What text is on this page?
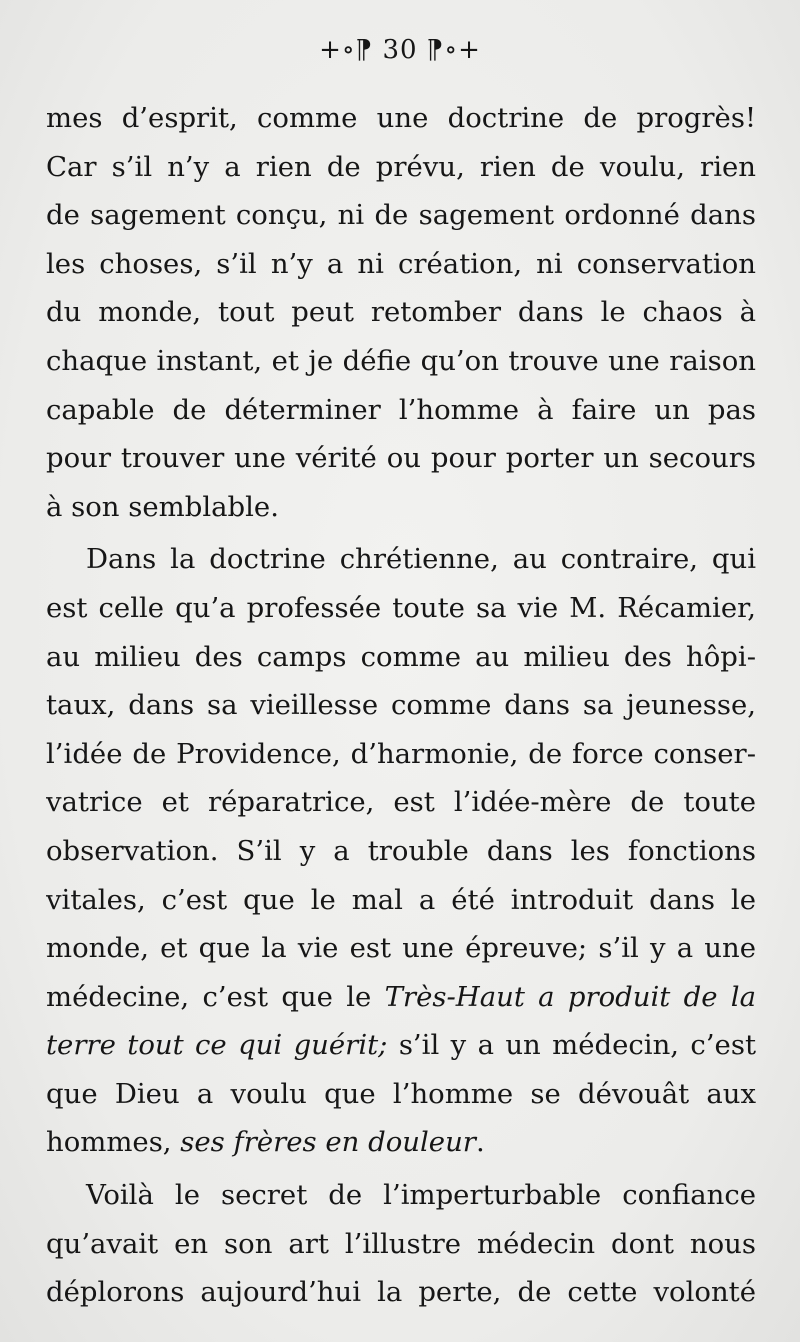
+∘⁋ 30 ⁋∘+
mes d’esprit, comme une doctrine de progrès!
Car s’il n’y a rien de prévu, rien de voulu, rien
de sagement conçu, ni de sagement ordonné dans
les choses, s’il n’y a ni création, ni conservation
du monde, tout peut retomber dans le chaos à
chaque instant, et je défie qu’on trouve une raison
capable de déterminer l’homme à faire un pas
pour trouver une vérité ou pour porter un secours
à son semblable.
Dans la doctrine chrétienne, au contraire, qui
est celle qu’a professée toute sa vie M. Récamier,
au milieu des camps comme au milieu des hôpi-
taux, dans sa vieillesse comme dans sa jeunesse,
l’idée de Providence, d’harmonie, de force conser-
vatrice et réparatrice, est l’idée-mère de toute
observation. S’il y a trouble dans les fonctions
vitales, c’est que le mal a été introduit dans le
monde, et que la vie est une épreuve; s’il y a une
médecine, c’est que le Très-Haut a produit de la
terre tout ce qui guérit; s’il y a un médecin, c’est
que Dieu a voulu que l’homme se dévouât aux
hommes, ses frères en douleur.
Voilà le secret de l’imperturbable confiance
qu’avait en son art l’illustre médecin dont nous
déplorons aujourd’hui la perte, de cette volonté
